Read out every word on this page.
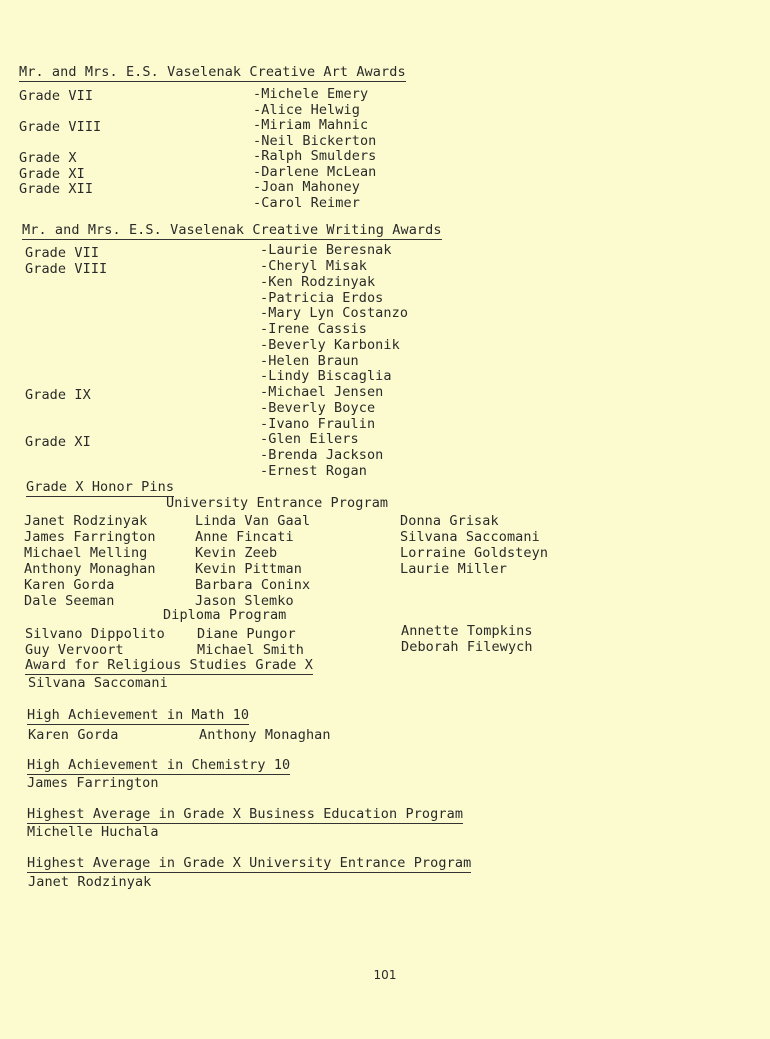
Mr. and Mrs. E.S. Vaselenak Creative Art Awards
Grade VII
Grade VIII
Grade X
Grade XI
Grade XII
-Michele Emery
-Alice Helwig
-Miriam Mahnic
-Neil Bickerton
-Ralph Smulders
-Darlene McLean
-Joan Mahoney
-Carol Reimer
Mr. and Mrs. E.S. Vaselenak Creative Writing Awards
Grade VII
Grade VIII
Grade IX
Grade XI
-Laurie Beresnak
-Cheryl Misak
-Ken Rodzinyak
-Patricia Erdos
-Mary Lyn Costanzo
-Irene Cassis
-Beverly Karbonik
-Helen Braun
-Lindy Biscaglia
-Michael Jensen
-Beverly Boyce
-Ivano Fraulin
-Glen Eilers
-Brenda Jackson
-Ernest Rogan
Grade X Honor Pins
University Entrance Program
Janet Rodzinyak
James Farrington
Michael Melling
Anthony Monaghan
Karen Gorda
Dale Seeman
Linda Van Gaal
Anne Fincati
Kevin Zeeb
Kevin Pittman
Barbara Coninx
Jason Slemko
Donna Grisak
Silvana Saccomani
Lorraine Goldsteyn
Laurie Miller
Diploma Program
Silvano Dippolito
Guy Vervoort
Diane Pungor
Michael Smith
Annette Tompkins
Deborah Filewych
Award for Religious Studies Grade X
Silvana Saccomani
High Achievement in Math 10
Karen Gorda	Anthony Monaghan
High Achievement in Chemistry 10
James Farrington
Highest Average in Grade X Business Education Program
Michelle Huchala
Highest Average in Grade X University Entrance Program
Janet Rodzinyak
101
